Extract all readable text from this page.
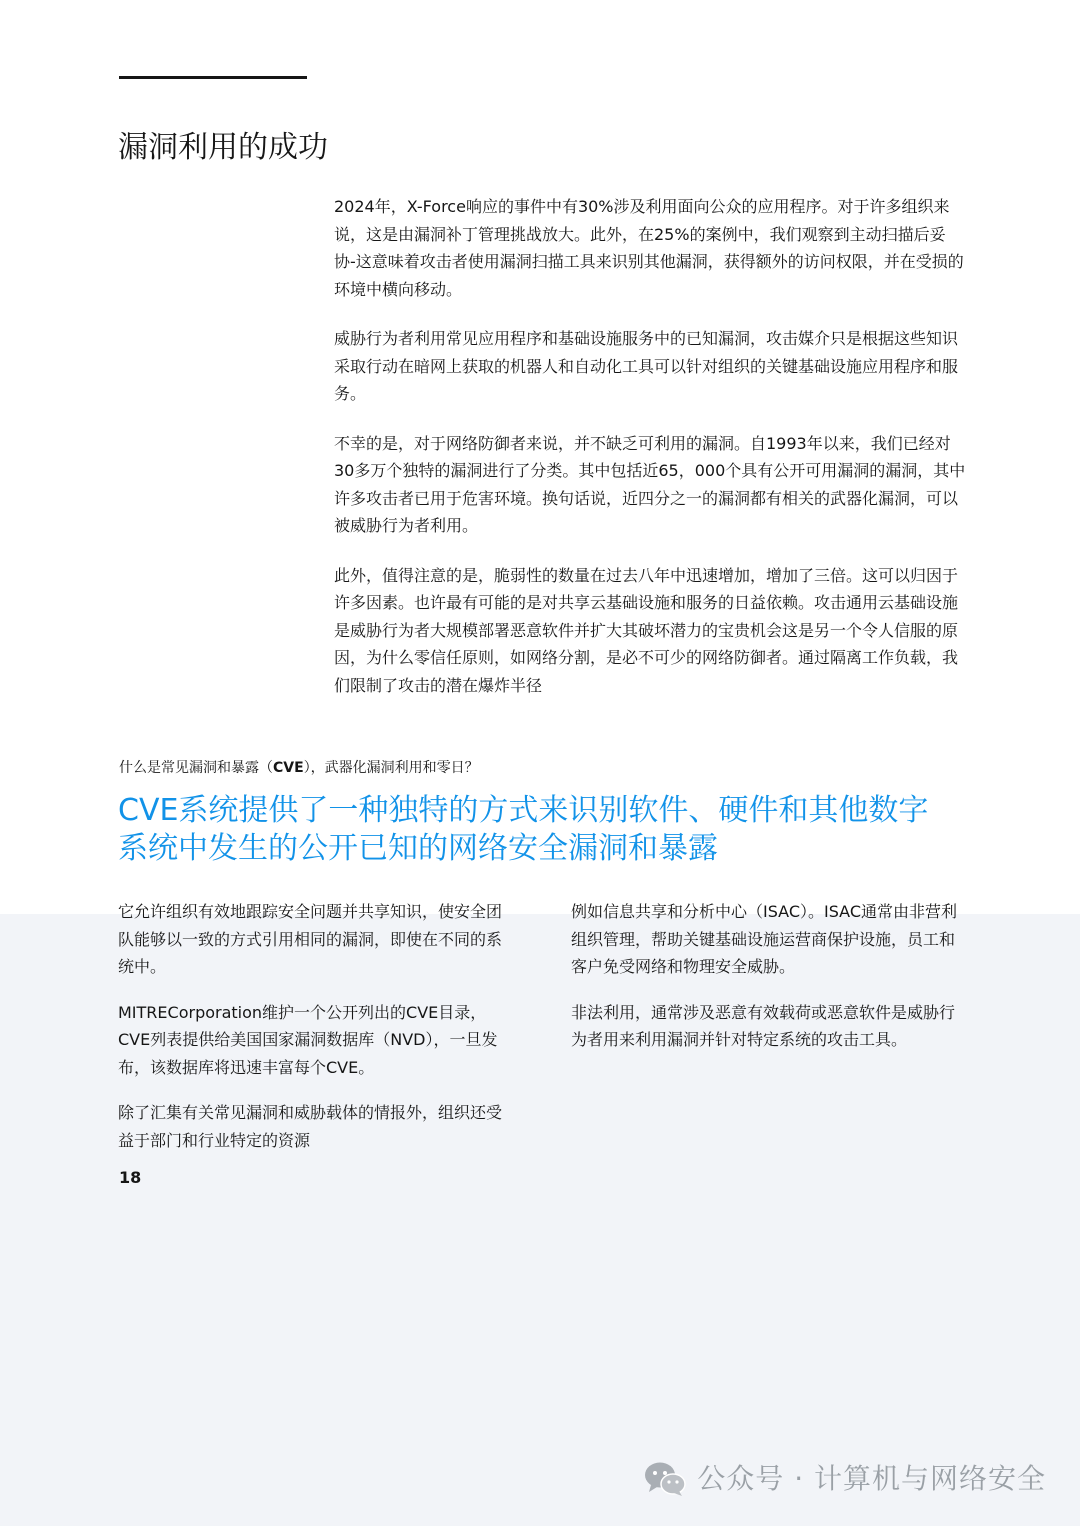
漏洞利用的成功

2024年，X-Force响应的事件中有30%涉及利用面向公众的应用程序。对于许多组织来说，这是由漏洞补丁管理挑战放大。此外，在25%的案例中，我们观察到主动扫描后妥协-这意味着攻击者使用漏洞扫描工具来识别其他漏洞，获得额外的访问权限，并在受损的环境中横向移动。

威胁行为者利用常见应用程序和基础设施服务中的已知漏洞，攻击媒介只是根据这些知识采取行动在暗网上获取的机器人和自动化工具可以针对组织的关键基础设施应用程序和服务。

不幸的是，对于网络防御者来说，并不缺乏可利用的漏洞。自1993年以来，我们已经对30多万个独特的漏洞进行了分类。其中包括近65，000个具有公开可用漏洞的漏洞，其中许多攻击者已用于危害环境。换句话说，近四分之一的漏洞都有相关的武器化漏洞，可以被威胁行为者利用。

此外，值得注意的是，脆弱性的数量在过去八年中迅速增加，增加了三倍。这可以归因于许多因素。也许最有可能的是对共享云基础设施和服务的日益依赖。攻击通用云基础设施是威胁行为者大规模部署恶意软件并扩大其破坏潜力的宝贵机会这是另一个令人信服的原因，为什么零信任原则，如网络分割，是必不可少的网络防御者。通过隔离工作负载，我们限制了攻击的潜在爆炸半径

什么是常见漏洞和暴露（CVE），武器化漏洞利用和零日？
CVE系统提供了一种独特的方式来识别软件、硬件和其他数字系统中发生的公开已知的网络安全漏洞和暴露

它允许组织有效地跟踪安全问题并共享知识，使安全团队能够以一致的方式引用相同的漏洞，即使在不同的系统中。

MITRECorporation维护一个公开列出的CVE目录，CVE列表提供给美国国家漏洞数据库（NVD），一旦发布，该数据库将迅速丰富每个CVE。

除了汇集有关常见漏洞和威胁载体的情报外，组织还受益于部门和行业特定的资源

例如信息共享和分析中心（ISAC）。ISAC通常由非营利组织管理，帮助关键基础设施运营商保护设施，员工和客户免受网络和物理安全威胁。

非法利用，通常涉及恶意有效载荷或恶意软件是威胁行为者用来利用漏洞并针对特定系统的攻击工具。

18
公众号 · 计算机与网络安全
